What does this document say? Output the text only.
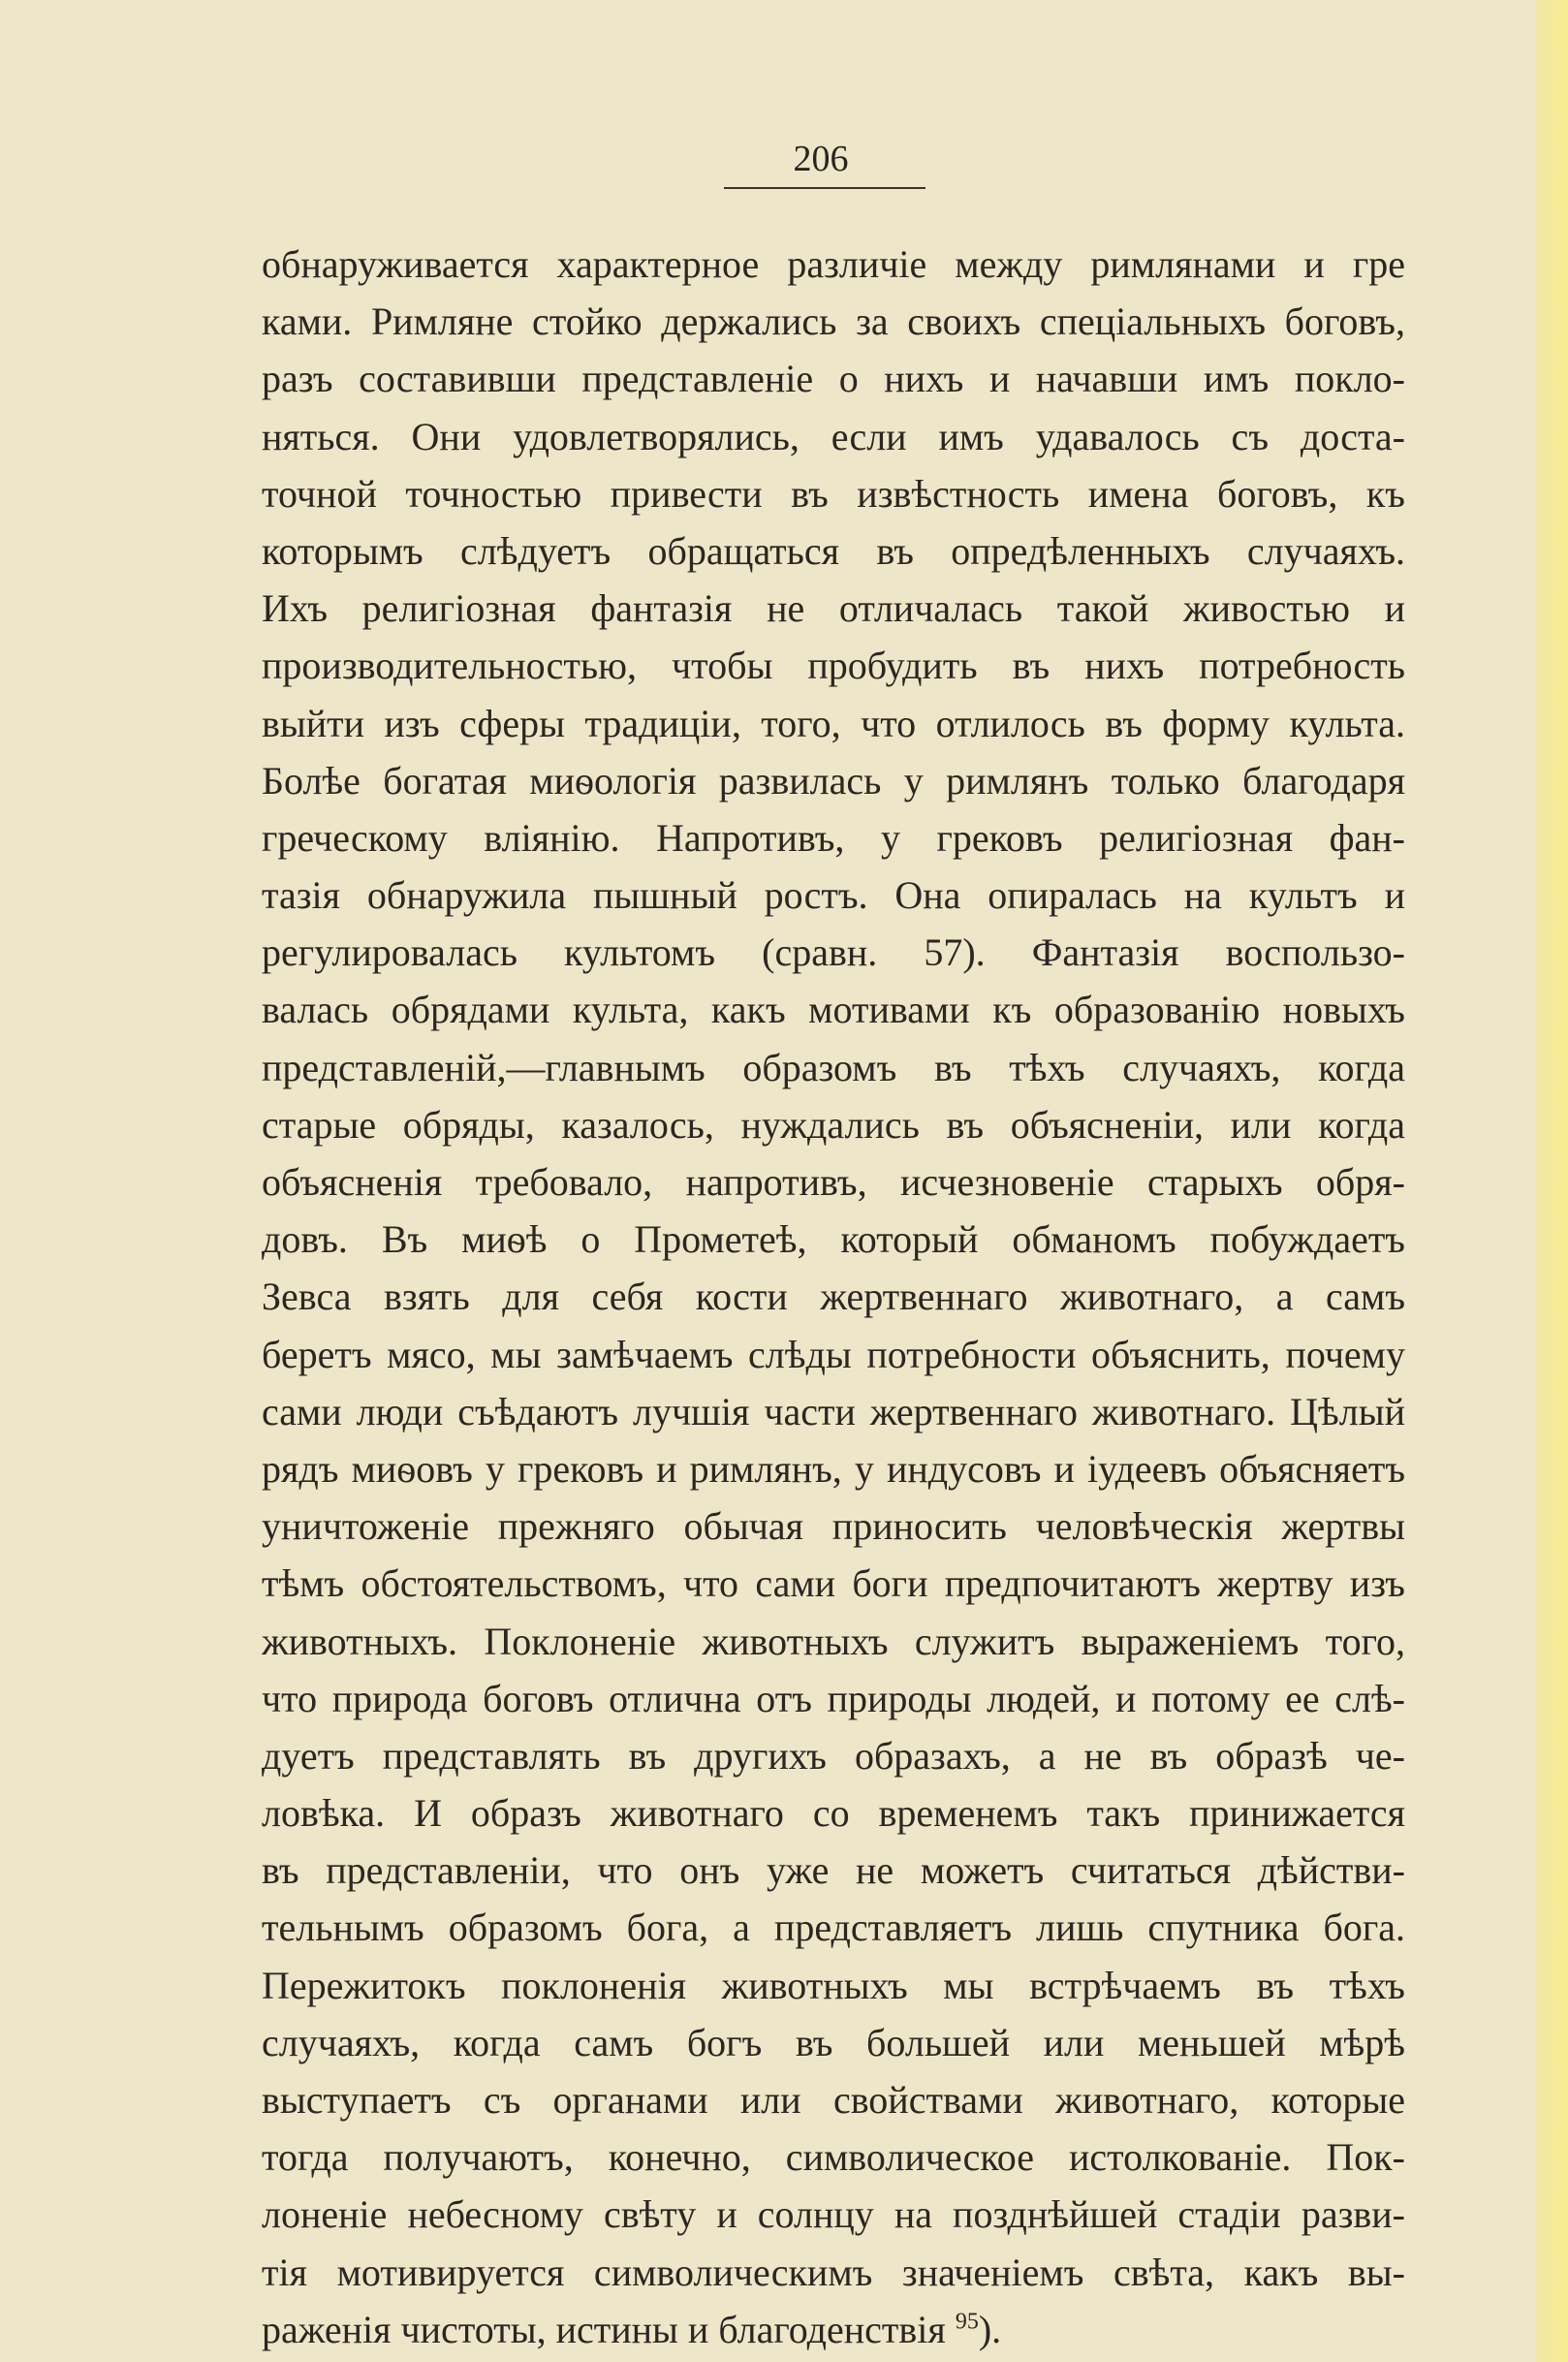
206
обнаруживается характерное различіе между римлянами и гре
ками. Римляне стойко держались за своихъ спеціальныхъ боговъ,
разъ составивши представленіе о нихъ и начавши имъ покло-
няться. Они удовлетворялись, если имъ удавалось съ доста-
точной точностью привести въ извѣстность имена боговъ, къ
которымъ слѣдуетъ обращаться въ опредѣленныхъ случаяхъ.
Ихъ религіозная фантазія не отличалась такой живостью и
производительностью, чтобы пробудить въ нихъ потребность
выйти изъ сферы традиціи, того, что отлилось въ форму культа.
Болѣе богатая миѳологія развилась у римлянъ только благодаря
греческому вліянію. Напротивъ, у грековъ религіозная фан-
тазія обнаружила пышный ростъ. Она опиралась на культъ и
регулировалась культомъ (сравн. 57). Фантазія воспользо-
валась обрядами культа, какъ мотивами къ образованію новыхъ
представленій,—главнымъ образомъ въ тѣхъ случаяхъ, когда
старые обряды, казалось, нуждались въ объясненіи, или когда
объясненія требовало, напротивъ, исчезновеніе старыхъ обря-
довъ. Въ миѳѣ о Прометеѣ, который обманомъ побуждаетъ
Зевса взять для себя кости жертвеннаго животнаго, а самъ
беретъ мясо, мы замѣчаемъ слѣды потребности объяснить, почему
сами люди съѣдаютъ лучшія части жертвеннаго животнаго. Цѣлый
рядъ миѳовъ у грековъ и римлянъ, у индусовъ и іудеевъ объясняетъ
уничтоженіе прежняго обычая приносить человѣческія жертвы
тѣмъ обстоятельствомъ, что сами боги предпочитаютъ жертву изъ
животныхъ. Поклоненіе животныхъ служитъ выраженіемъ того,
что природа боговъ отлична отъ природы людей, и потому ее слѣ-
дуетъ представлять въ другихъ образахъ, а не въ образѣ че-
ловѣка. И образъ животнаго со временемъ такъ принижается
въ представленіи, что онъ уже не можетъ считаться дѣйстви-
тельнымъ образомъ бога, а представляетъ лишь спутника бога.
Пережитокъ поклоненія животныхъ мы встрѣчаемъ въ тѣхъ
случаяхъ, когда самъ богъ въ большей или меньшей мѣрѣ
выступаетъ съ органами или свойствами животнаго, которые
тогда получаютъ, конечно, символическое истолкованіе. Пок-
лоненіе небесному свѣту и солнцу на позднѣйшей стадіи разви-
тія мотивируется символическимъ значеніемъ свѣта, какъ вы-
раженія чистоты, истины и благоденствія $^{95}$).
